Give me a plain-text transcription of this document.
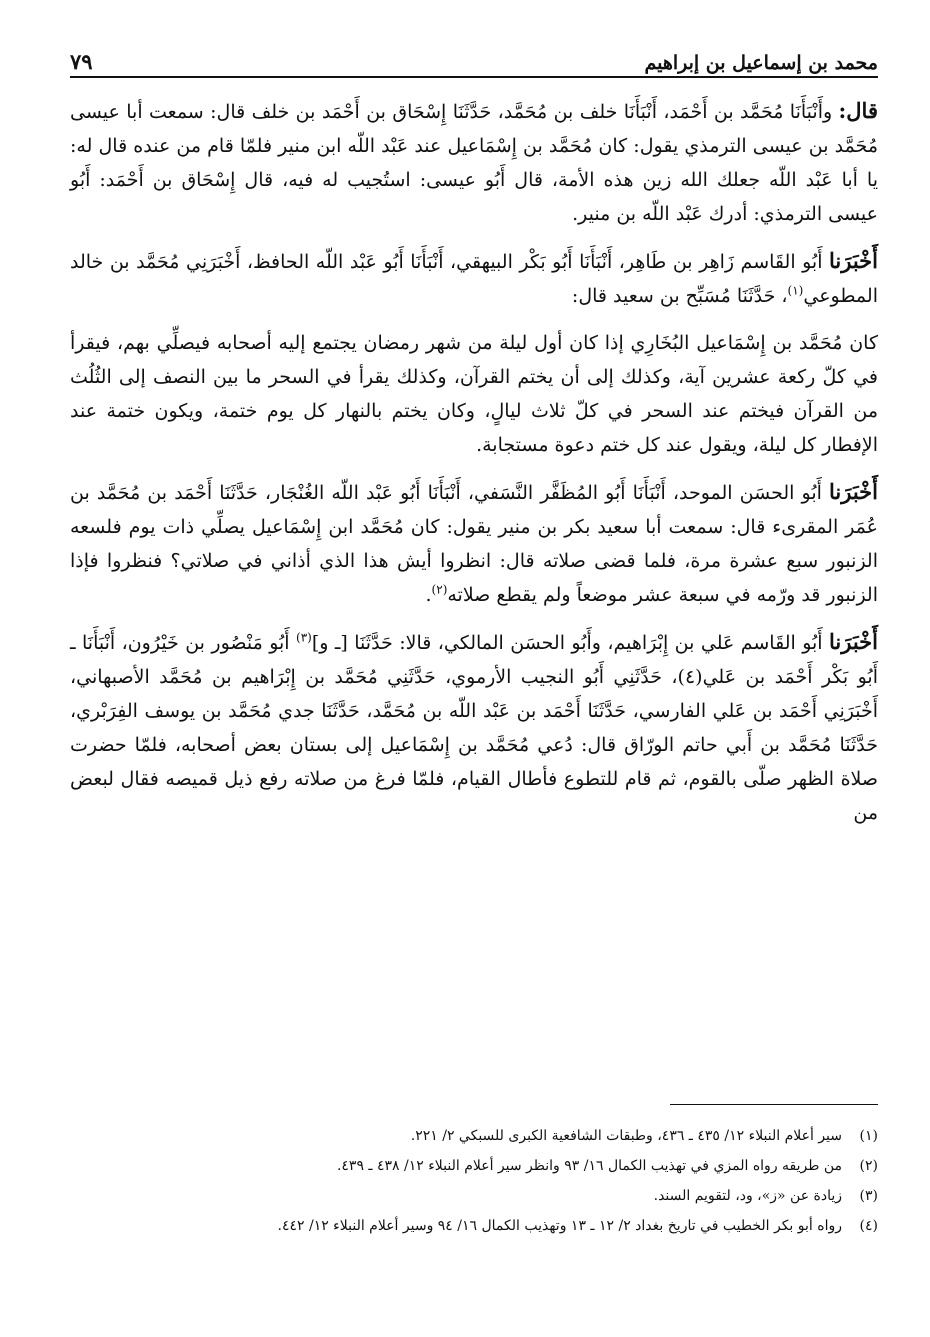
محمد بن إسماعيل بن إبراهيم
٧٩

قال: وأَنْبَأَنَا مُحَمَّد بن أَحْمَد، أَنْبَأَنَا خلف بن مُحَمَّد، حَدَّثَنَا إِسْحَاق بن أَحْمَد بن خلف قال: سمعت أبا عيسى مُحَمَّد بن عيسى الترمذي يقول: كان مُحَمَّد بن إِسْمَاعيل عند عَبْد اللّه ابن منير فلمّا قام من عنده قال له: يا أبا عَبْد اللّه جعلك الله زين هذه الأمة، قال أَبُو عيسى: استُجيب له فيه، قال إِسْحَاق بن أَحْمَد: أَبُو عيسى الترمذي: أدرك عَبْد اللّه بن منير.

أَخْبَرَنا أَبُو القَاسم زَاهِر بن طَاهِر، أَنْبَأَنَا أَبُو بَكْر البيهقي، أَنْبَأَنَا أَبُو عَبْد اللّه الحافظ، أَخْبَرَنِي مُحَمَّد بن خالد المطوعي$^{(١)}$، حَدَّثَنَا مُسَبِّح بن سعيد قال:

كان مُحَمَّد بن إِسْمَاعيل البُخَارِي إذا كان أول ليلة من شهر رمضان يجتمع إليه أصحابه فيصلِّي بهم، فيقرأ في كلّ ركعة عشرين آية، وكذلك إلى أن يختم القرآن، وكذلك يقرأ في السحر ما بين النصف إلى الثُلُث من القرآن فيختم عند السحر في كلّ ثلاث ليالٍ، وكان يختم بالنهار كل يوم ختمة، ويكون ختمة عند الإفطار كل ليلة، ويقول عند كل ختم دعوة مستجابة.

أَخْبَرَنا أَبُو الحسَن الموحد، أَنْبَأَنَا أَبُو المُظَفَّر النَّسَفي، أَنْبَأَنَا أَبُو عَبْد اللّه الغُنْجَار، حَدَّثَنَا أَحْمَد بن مُحَمَّد بن عُمَر المقرىء قال: سمعت أبا سعيد بكر بن منير يقول: كان مُحَمَّد ابن إِسْمَاعيل يصلِّي ذات يوم فلسعه الزنبور سبع عشرة مرة، فلما قضى صلاته قال: انظروا أيش هذا الذي أذاني في صلاتي؟ فنظروا فإذا الزنبور قد ورّمه في سبعة عشر موضعاً ولم يقطع صلاته$^{(٢)}$.

أَخْبَرَنا أَبُو القَاسم عَلي بن إِبْرَاهيم، وأَبُو الحسَن المالكي، قالا: حَدَّثَنَا [ـ و]$^{(٣)}$ أَبُو مَنْصُور بن خَيْرُون، أَنْبَأَنَا ـ أَبُو بَكْر أَحْمَد بن عَلي(٤)، حَدَّثَنِي أَبُو النجيب الأرموي، حَدَّثَنِي مُحَمَّد بن إِبْرَاهيم بن مُحَمَّد الأصبهاني، أَخْبَرَنِي أَحْمَد بن عَلي الفارسي، حَدَّثَنَا أَحْمَد بن عَبْد اللّه بن مُحَمَّد، حَدَّثَنَا جدي مُحَمَّد بن يوسف الفِرَبْري، حَدَّثَنَا مُحَمَّد بن أَبي حاتم الورّاق قال: دُعي مُحَمَّد بن إِسْمَاعيل إلى بستان بعض أصحابه، فلمّا حضرت صلاة الظهر صلّى بالقوم، ثم قام للتطوع فأطال القيام، فلمّا فرغ من صلاته رفع ذيل قميصه فقال لبعض من

(١)سير أعلام النبلاء ١٢/ ٤٣٥ ـ ٤٣٦، وطبقات الشافعية الكبرى للسبكي ٢/ ٢٢١.
(٢)من طريقه رواه المزي في تهذيب الكمال ١٦/ ٩٣ وانظر سير أعلام النبلاء ١٢/ ٤٣٨ ـ ٤٣٩.
(٣)زيادة عن «ز»، ود، لتقويم السند.
(٤)رواه أبو بكر الخطيب في تاريخ بغداد ٢/ ١٢ ـ ١٣ وتهذيب الكمال ١٦/ ٩٤ وسير أعلام النبلاء ١٢/ ٤٤٢.
